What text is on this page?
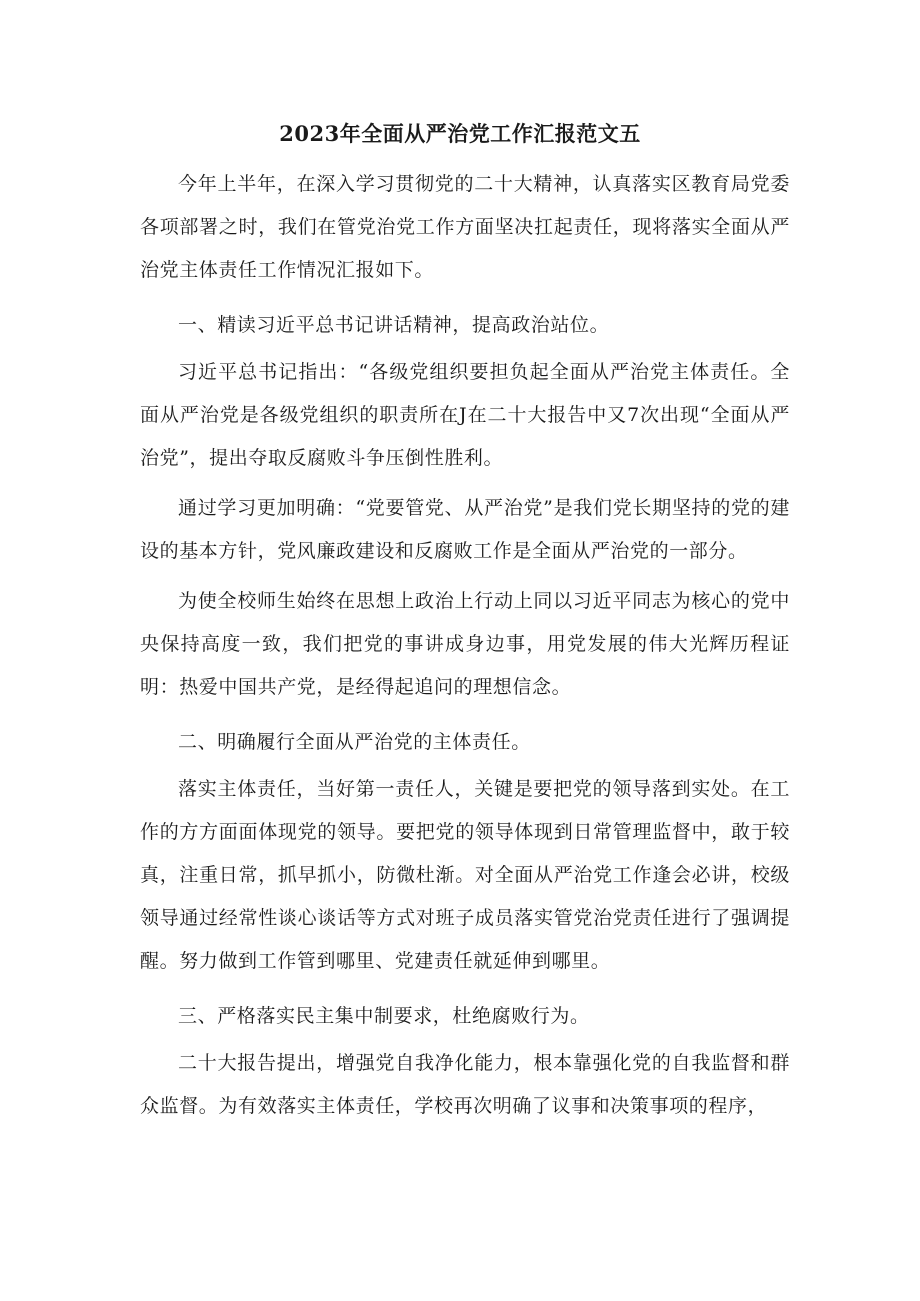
2023年全面从严治党工作汇报范文五

今年上半年，在深入学习贯彻党的二十大精神，认真落实区教育局党委各项部署之时，我们在管党治党工作方面坚决扛起责任，现将落实全面从严治党主体责任工作情况汇报如下。

一、精读习近平总书记讲话精神，提高政治站位。

习近平总书记指出：“各级党组织要担负起全面从严治党主体责任。全面从严治党是各级党组织的职责所在J在二十大报告中又7次出现“全面从严治党”，提出夺取反腐败斗争压倒性胜利。

通过学习更加明确：“党要管党、从严治党”是我们党长期坚持的党的建设的基本方针，党风廉政建设和反腐败工作是全面从严治党的一部分。

为使全校师生始终在思想上政治上行动上同以习近平同志为核心的党中央保持高度一致，我们把党的事讲成身边事，用党发展的伟大光辉历程证明：热爱中国共产党，是经得起追问的理想信念。

二、明确履行全面从严治党的主体责任。

落实主体责任，当好第一责任人，关键是要把党的领导落到实处。在工作的方方面面体现党的领导。要把党的领导体现到日常管理监督中，敢于较真，注重日常，抓早抓小，防微杜渐。对全面从严治党工作逢会必讲，校级领导通过经常性谈心谈话等方式对班子成员落实管党治党责任进行了强调提醒。努力做到工作管到哪里、党建责任就延伸到哪里。

三、严格落实民主集中制要求，杜绝腐败行为。

二十大报告提出，增强党自我净化能力，根本靠强化党的自我监督和群众监督。为有效落实主体责任，学校再次明确了议事和决策事项的程序，
